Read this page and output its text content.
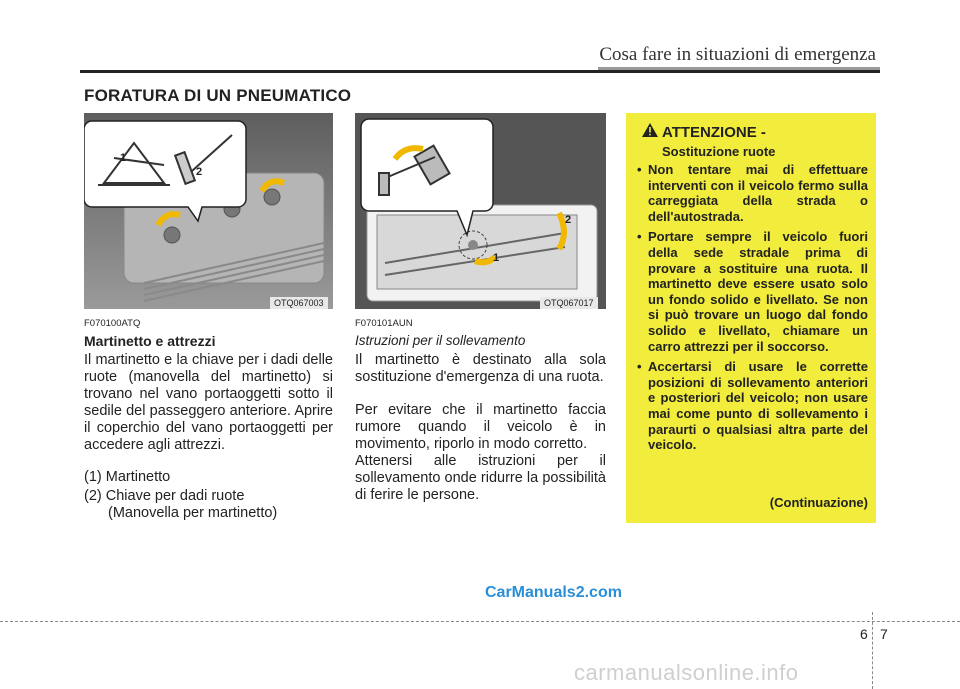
Cosa fare in situazioni di emergenza
FORATURA DI UN PNEUMATICO
1
2
OTQ067003
1
2
OTQ067017
F070100ATQ
Martinetto e attrezzi
Il martinetto e la chiave per i dadi delle ruote (manovella del martinetto) si trovano nel vano portaoggetti sotto il sedile del passeggero anteriore. Aprire il coperchio del vano portaoggetti per accedere agli attrezzi.
(1) Martinetto
(2) Chiave per dadi ruote
(Manovella per martinetto)
F070101AUN
Istruzioni per il sollevamento
Il martinetto è destinato alla sola sostituzione d'emergenza di una ruota.
Per evitare che il martinetto faccia rumore quando il veicolo è in movimento, riporlo in modo corretto.
Attenersi alle istruzioni per il sollevamento onde ridurre la possibilità di ferire le persone.
ATTENZIONE -
Sostituzione ruote
• Non tentare mai di effettuare interventi con il veicolo fermo sulla carreggiata della strada o dell'autostrada.
• Portare sempre il veicolo fuori della sede stradale prima di provare a sostituire una ruota. Il martinetto deve essere usato solo un fondo solido e livellato. Se non si può trovare un luogo dal fondo solido e livellato, chiamare un carro attrezzi per il soccorso.
• Accertarsi di usare le corrette posizioni di sollevamento anteriori e posteriori del veicolo; non usare mai come punto di sollevamento i paraurti o qualsiasi altra parte del veicolo.
(Continuazione)
CarManuals2.com
6 7
carmanualsonline.info
